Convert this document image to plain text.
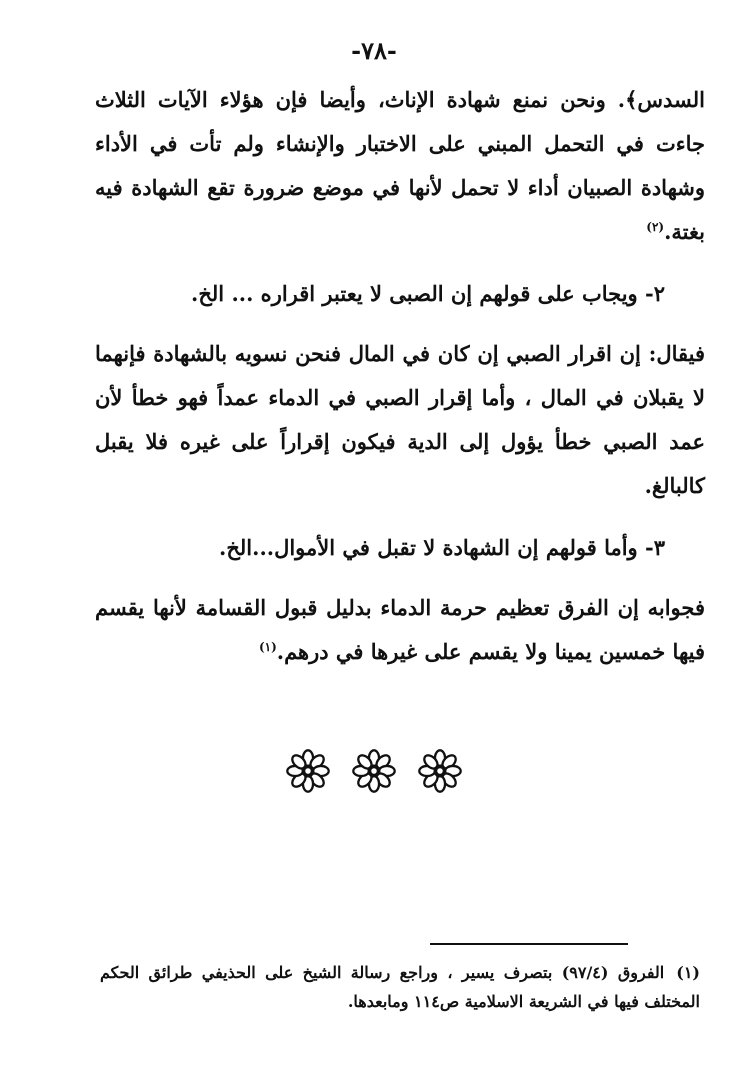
-٧٨-

السدس﴾. ونحن نمنع شهادة الإناث، وأيضا فإن هؤلاء الآيات الثلاث جاءت في التحمل المبني على الاختبار والإنشاء ولم تأت في الأداء وشهادة الصبيان أداء لا تحمل لأنها في موضع ضرورة تقع الشهادة فيه بغتة.$^{(٢)}$

٢- ويجاب على قولهم إن الصبى لا يعتبر اقراره ... الخ.

فيقال: إن اقرار الصبي إن كان في المال فنحن نسويه بالشهادة فإنهما لا يقبلان في المال ، وأما إقرار الصبي في الدماء عمداً فهو خطأ لأن عمد الصبي خطأ يؤول إلى الدية فيكون إقراراً على غيره فلا يقبل كالبالغ.

٣- وأما قولهم إن الشهادة لا تقبل في الأموال...الخ.

فجوابه إن الفرق تعظيم حرمة الدماء بدليل قبول القسامة لأنها يقسم فيها خمسين يمينا ولا يقسم على غيرها في درهم.$^{(١)}$

(١)الفروق (٩٧/٤) بتصرف يسير ، وراجع رسالة الشيخ على الحذيفي طرائق الحكم المختلف فيها في الشريعة الاسلامية ص١١٤ ومابعدها.
